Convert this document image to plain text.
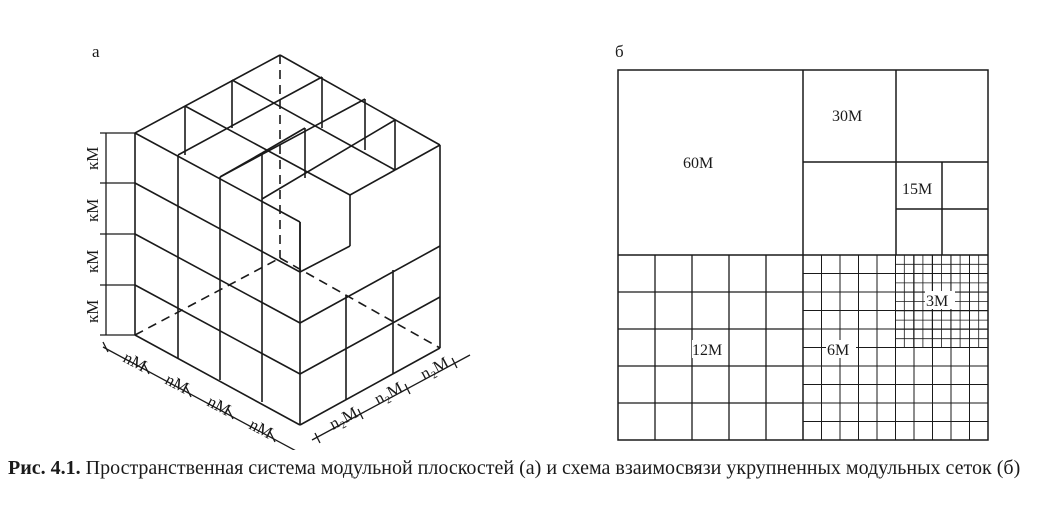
а	б
кМ
кМ
кМ
кМ
nM
nM
nM
nM	n₂M
n₂M
n₂M
60M
30M
15M
12M	6M
3M
Рис. 4.1. Пространственная система модульной плоскостей (а) и схема взаимосвязи укрупненных модульных сеток (б)
